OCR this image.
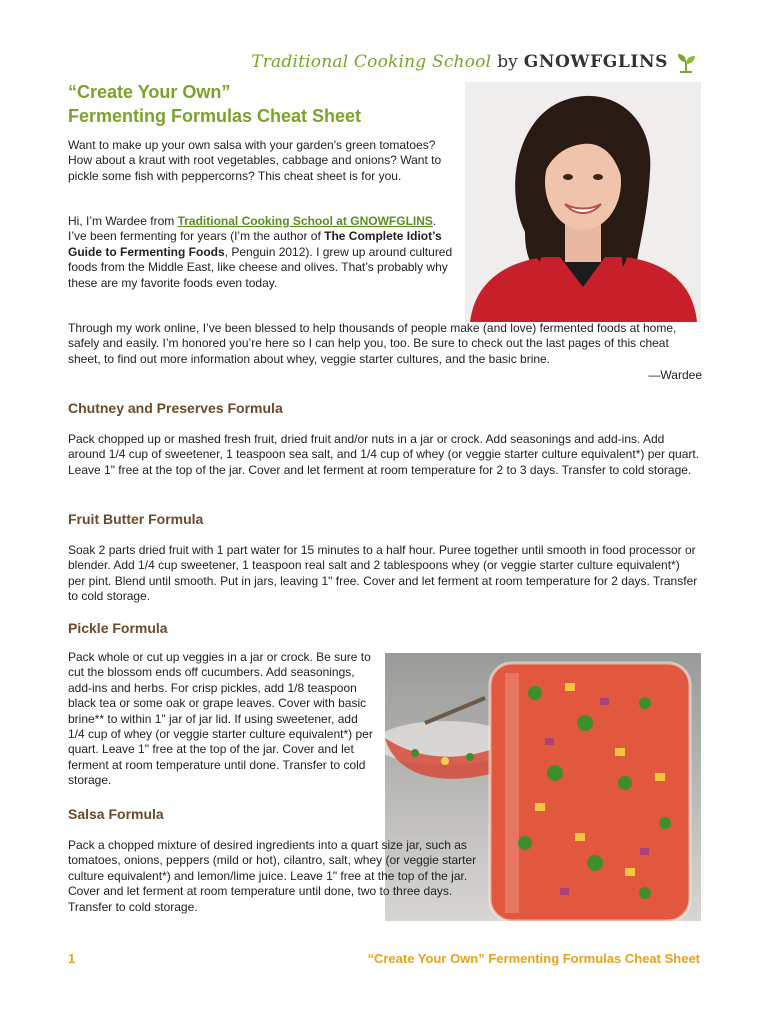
Traditional Cooking School by GNOWFGLINS
“Create Your Own”
Fermenting Formulas Cheat Sheet

Want to make up your own salsa with your garden's green tomatoes? How about a kraut with root vegetables, cabbage and onions? Want to pickle some fish with peppercorns? This cheat sheet is for you.

Hi, I’m Wardee from Traditional Cooking School at GNOWFGLINS. I’ve been fermenting for years (I’m the author of The Complete Idiot’s Guide to Fermenting Foods, Penguin 2012). I grew up around cultured foods from the Middle East, like cheese and olives. That’s probably why these are my favorite foods even today.

Through my work online, I’ve been blessed to help thousands of people make (and love) fermented foods at home, safely and easily. I’m honored you’re here so I can help you, too. Be sure to check out the last pages of this cheat sheet, to find out more information about whey, veggie starter cultures, and the basic brine.

—Wardee
Chutney and Preserves Formula

Pack chopped up or mashed fresh fruit, dried fruit and/or nuts in a jar or crock. Add seasonings and add-ins. Add around 1/4 cup of sweetener, 1 teaspoon sea salt, and 1/4 cup of whey (or veggie starter culture equivalent*) per quart. Leave 1" free at the top of the jar. Cover and let ferment at room temperature for 2 to 3 days. Transfer to cold storage.

Fruit Butter Formula

Soak 2 parts dried fruit with 1 part water for 15 minutes to a half hour. Puree together until smooth in food processor or blender. Add 1/4 cup sweetener, 1 teaspoon real salt and 2 tablespoons whey (or veggie starter culture equivalent*) per pint. Blend until smooth. Put in jars, leaving 1" free. Cover and let ferment at room temperature for 2 days. Transfer to cold storage.

Pickle Formula

Pack whole or cut up veggies in a jar or crock. Be sure to cut the blossom ends off cucumbers. Add seasonings, add-ins and herbs. For crisp pickles, add 1/8 teaspoon black tea or some oak or grape leaves. Cover with basic brine** to within 1" jar of jar lid. If using sweetener, add 1/4 cup of whey (or veggie starter culture equivalent*) per quart. Leave 1" free at the top of the jar. Cover and let ferment at room temperature until done. Transfer to cold storage.

Salsa Formula

Pack a chopped mixture of desired ingredients into a quart size jar, such as tomatoes, onions, peppers (mild or hot), cilantro, salt, whey (or veggie starter culture equivalent*) and lemon/lime juice. Leave 1" free at the top of the jar. Cover and let ferment at room temperature until done, two to three days. Transfer to cold storage.

1	“Create Your Own” Fermenting Formulas Cheat Sheet
